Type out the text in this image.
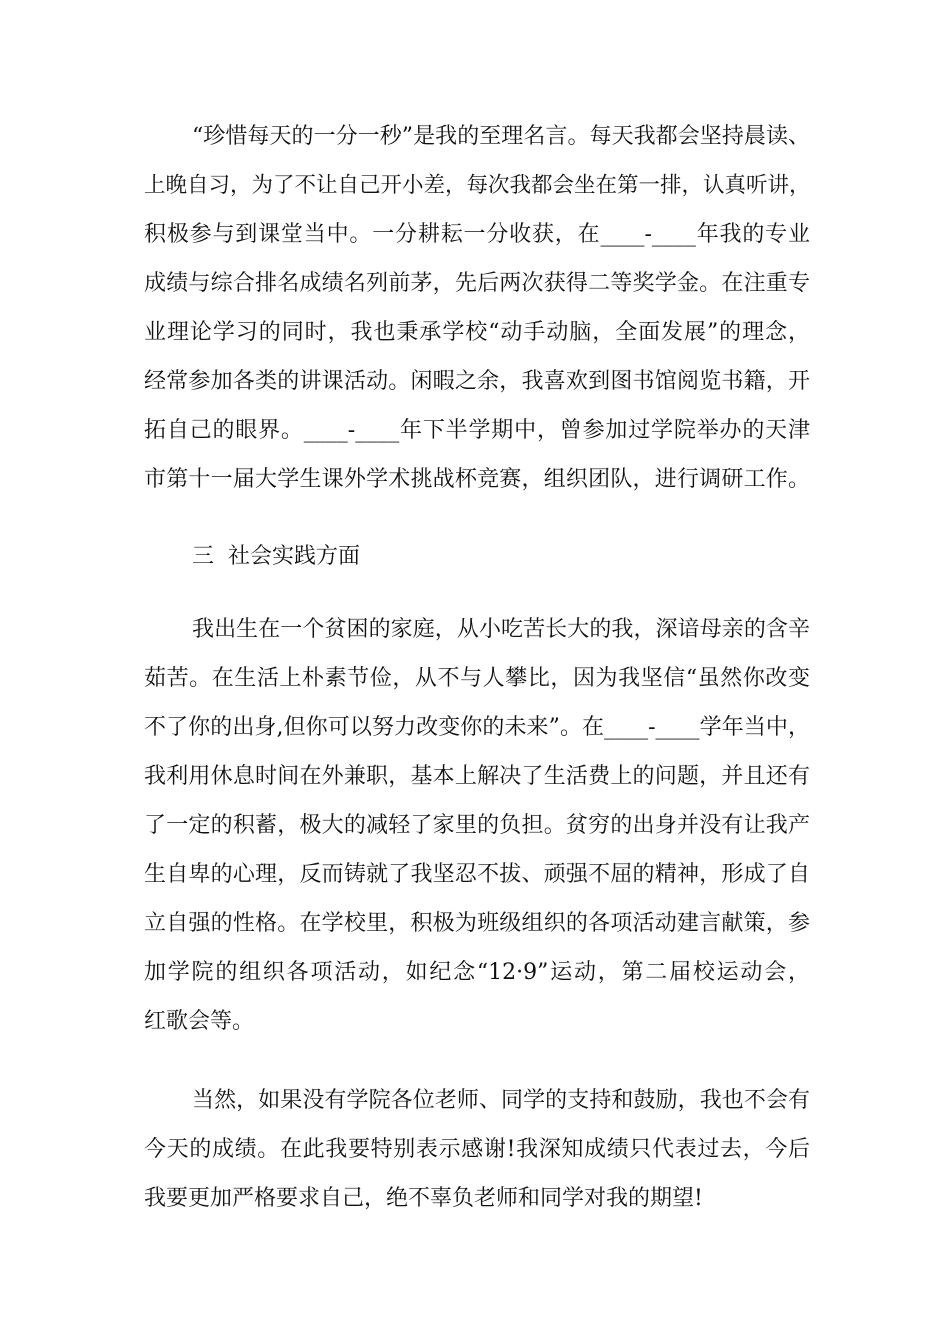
“珍惜每天的一分一秒”是我的至理名言。每天我都会坚持晨读、
上晚自习，为了不让自己开小差，每次我都会坐在第一排，认真听讲，
积极参与到课堂当中。一分耕耘一分收获，在____-____年我的专业
成绩与综合排名成绩名列前茅，先后两次获得二等奖学金。在注重专
业理论学习的同时，我也秉承学校“动手动脑，全面发展”的理念，
经常参加各类的讲课活动。闲暇之余，我喜欢到图书馆阅览书籍，开
拓自己的眼界。____-____年下半学期中，曾参加过学院举办的天津
市第十一届大学生课外学术挑战杯竞赛，组织团队，进行调研工作。
三  社会实践方面
我出生在一个贫困的家庭，从小吃苦长大的我，深谙母亲的含辛
茹苦。在生活上朴素节俭，从不与人攀比，因为我坚信“虽然你改变
不了你的出身,但你可以努力改变你的未来”。在____-____学年当中，
我利用休息时间在外兼职，基本上解决了生活费上的问题，并且还有
了一定的积蓄，极大的减轻了家里的负担。贫穷的出身并没有让我产
生自卑的心理，反而铸就了我坚忍不拔、顽强不屈的精神，形成了自
立自强的性格。在学校里，积极为班级组织的各项活动建言献策，参
加学院的组织各项活动，如纪念“12·9”运动，第二届校运动会，
红歌会等。
当然，如果没有学院各位老师、同学的支持和鼓励，我也不会有
今天的成绩。在此我要特别表示感谢!我深知成绩只代表过去，今后
我要更加严格要求自己，绝不辜负老师和同学对我的期望!
